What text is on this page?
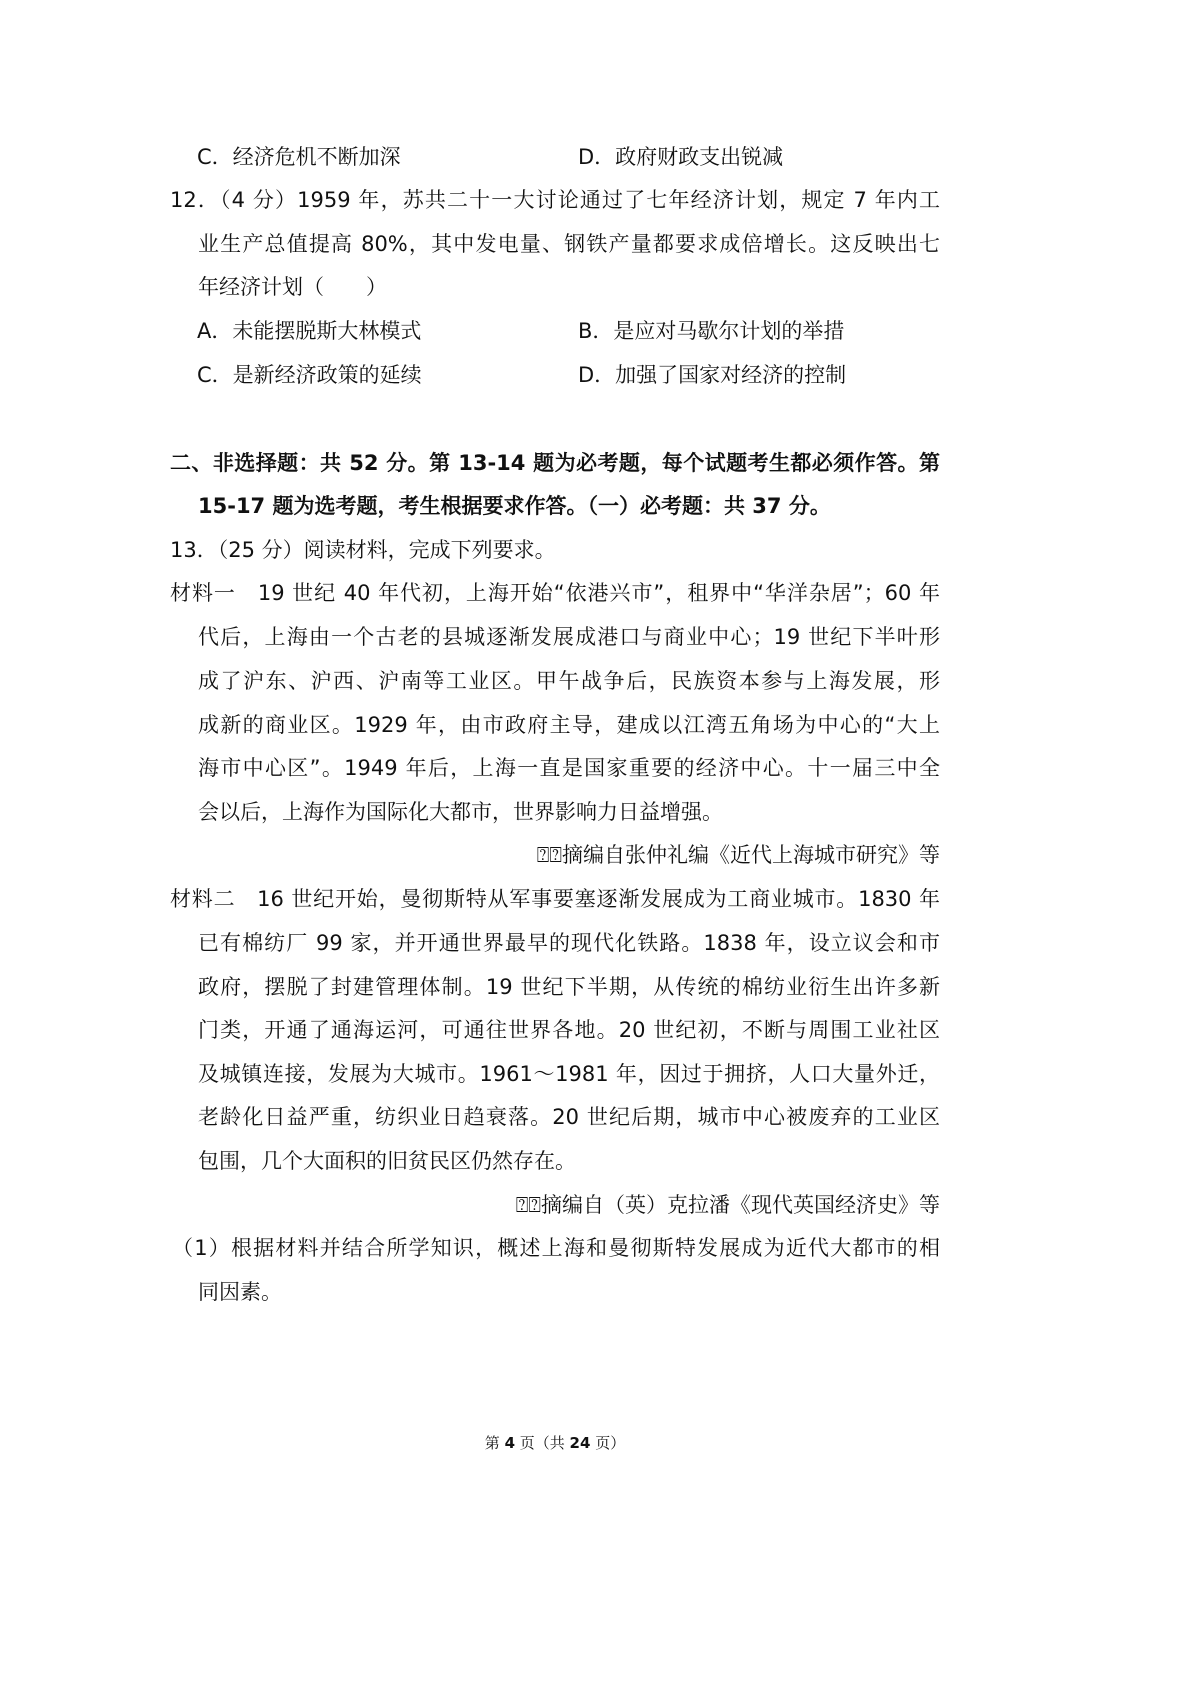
C．经济危机不断加深	D．政府财政支出锐减
12．（4 分）1959 年，苏共二十一大讨论通过了七年经济计划，规定 7 年内工
业生产总值提高 80%，其中发电量、钢铁产量都要求成倍增长。这反映出七
年经济计划（　　）
A．未能摆脱斯大林模式	B．是应对马歇尔计划的举措
C．是新经济政策的延续	D．加强了国家对经济的控制
二、非选择题：共 52 分。第 13-14 题为必考题，每个试题考生都必须作答。第
15-17 题为选考题，考生根据要求作答。（一）必考题：共 37 分。
13．（25 分）阅读材料，完成下列要求。
材料一　19 世纪 40 年代初，上海开始“依港兴市”，租界中“华洋杂居”；60 年
代后，上海由一个古老的县城逐渐发展成港口与商业中心；19 世纪下半叶形
成了沪东、沪西、沪南等工业区。甲午战争后，民族资本参与上海发展，形
成新的商业区。1929 年，由市政府主导，建成以江湾五角场为中心的“大上
海市中心区”。1949 年后，上海一直是国家重要的经济中心。十一届三中全
会以后，上海作为国际化大都市，世界影响力日益增强。
⍰⍰摘编自张仲礼编《近代上海城市研究》等
材料二　16 世纪开始，曼彻斯特从军事要塞逐渐发展成为工商业城市。1830 年
已有棉纺厂 99 家，并开通世界最早的现代化铁路。1838 年，设立议会和市
政府，摆脱了封建管理体制。19 世纪下半期，从传统的棉纺业衍生出许多新
门类，开通了通海运河，可通往世界各地。20 世纪初，不断与周围工业社区
及城镇连接，发展为大城市。1961～1981 年，因过于拥挤，人口大量外迁，
老龄化日益严重，纺织业日趋衰落。20 世纪后期，城市中心被废弃的工业区
包围，几个大面积的旧贫民区仍然存在。
⍰⍰摘编自（英）克拉潘《现代英国经济史》等
（1）根据材料并结合所学知识，概述上海和曼彻斯特发展成为近代大都市的相
同因素。
第 4 页（共 24 页）
